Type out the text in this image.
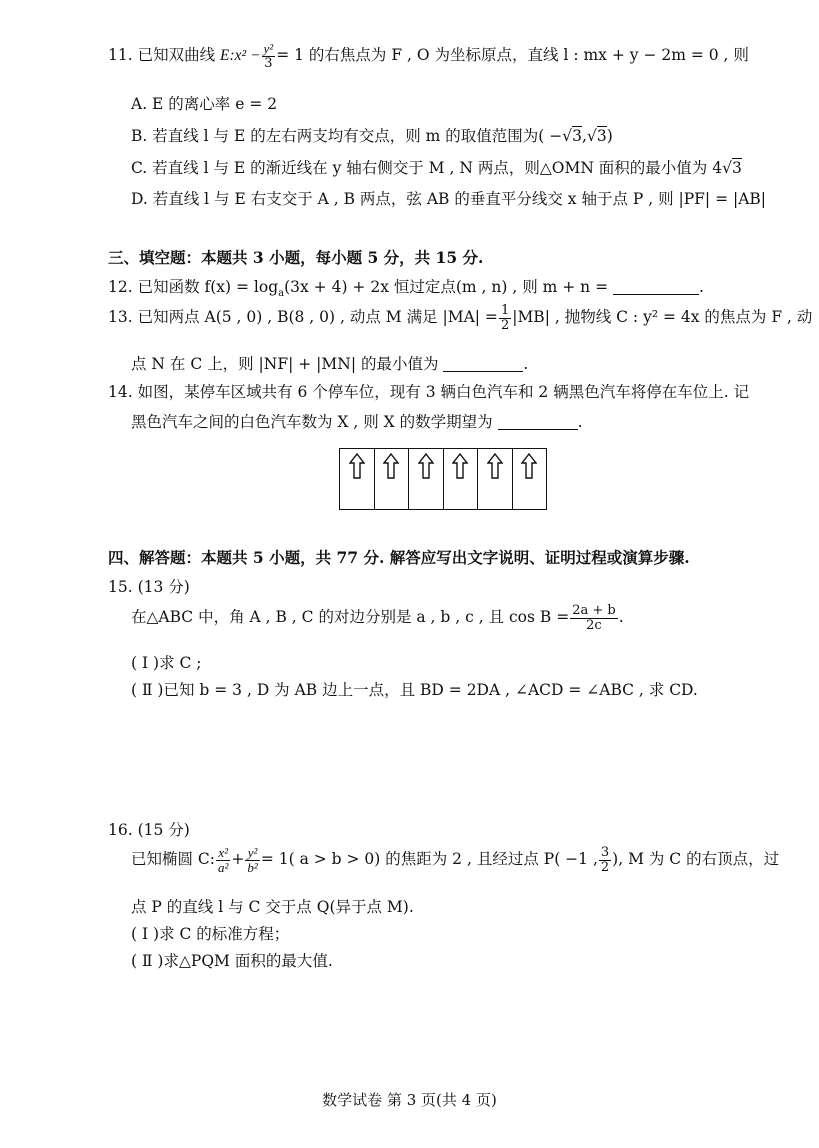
11. 已知双曲线 E:x² − $\frac{\text{y²}}{3} = 1$ 的右焦点为 F , O 为坐标原点，直线 l : mx + y − 2m = 0 , 则
A. E 的离心率 e = 2
B. 若直线 l 与 E 的左右两支均有交点，则 m 的取值范围为( −√3,√3)
C. 若直线 l 与 E 的渐近线在 y 轴右侧交于 M , N 两点，则△OMN 面积的最小值为 4√3
D. 若直线 l 与 E 右支交于 A , B 两点，弦 AB 的垂直平分线交 x 轴于点 P , 则 |PF| = |AB|
三、填空题：本题共 3 小题，每小题 5 分，共 15 分.
12. 已知函数 $f(x) = \log_a(3x + 4) + 2x$ 恒过定点(m , n) , 则 m + n =	.
13. 已知两点 A(5 , 0) , B(8 , 0) , 动点 M 满足 $|MA| = \frac{1}{2} |MB|$ , 抛物线 C : y² = 4x 的焦点为 F , 动
点 N 在 C 上，则 |NF| + |MN| 的最小值为	.
14. 如图，某停车区域共有 6 个停车位，现有 3 辆白色汽车和 2 辆黑色汽车将停在车位上. 记
黑色汽车之间的白色汽车数为 X , 则 X 的数学期望为	.
四、解答题：本题共 5 小题，共 77 分. 解答应写出文字说明、证明过程或演算步骤.
15. (13 分)
在△ABC 中，角 A , B , C 的对边分别是 a , b , c , 且 $\cos B = \frac{2a + b}{2c}$ .
( Ⅰ )求 C ;
( Ⅱ )已知 b = 3 , D 为 AB 边上一点，且 BD = 2DA , ∠ACD = ∠ABC , 求 CD.
16. (15 分)
已知椭圆 C: $\frac{\text{x²}}{\text{a²}} + \frac{\text{y²}}{\text{b²}} = 1$( a > b > 0) 的焦距为 2 , 且经过点 P( −1 , $\frac{3}{2}$ ), M 为 C 的右顶点，过
点 P 的直线 l 与 C 交于点 Q(异于点 M).
( Ⅰ )求 C 的标准方程；
( Ⅱ )求△PQM 面积的最大值.
数学试卷 第 3 页(共 4 页)
